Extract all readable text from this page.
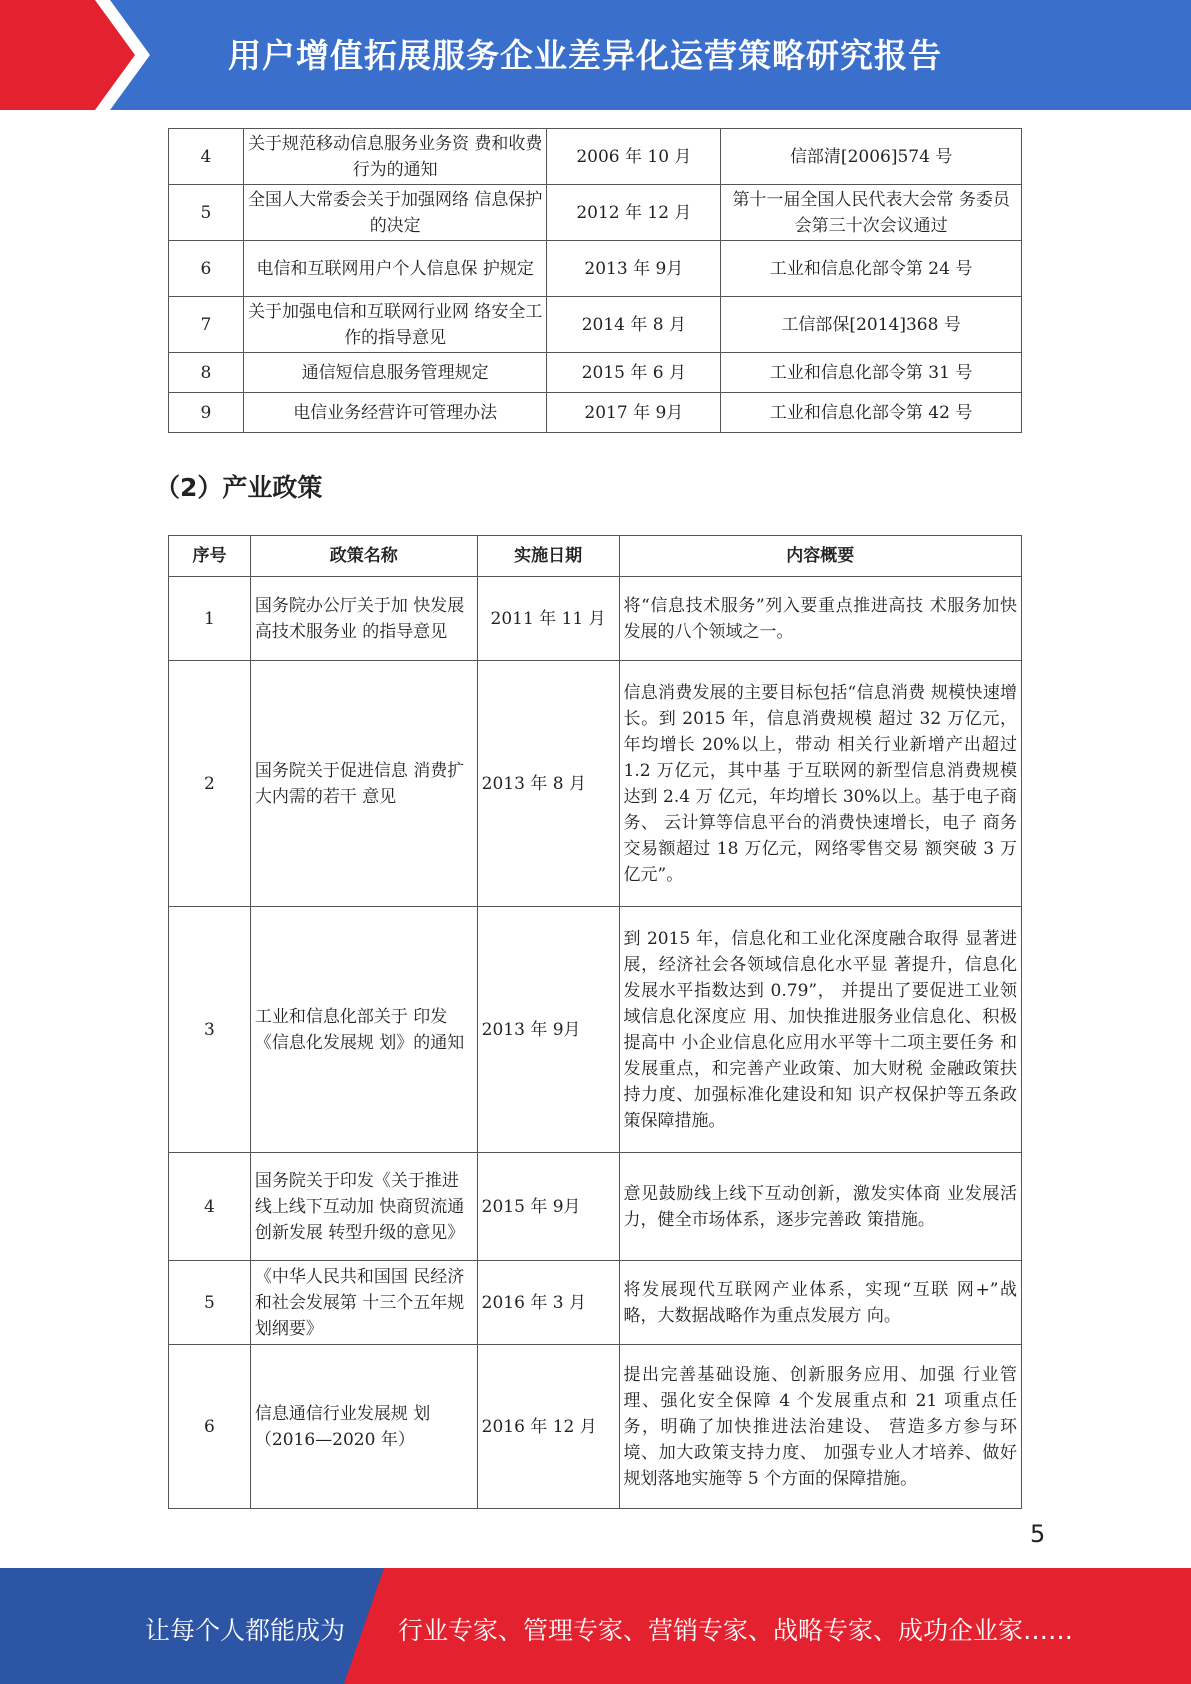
用户增值拓展服务企业差异化运营策略研究报告
4	关于规范移动信息服务业务资 费和收费行为的通知	2006 年 10 月	信部清[2006]574 号
5	全国人大常委会关于加强网络 信息保护的决定	2012 年 12 月	第十一届全国人民代表大会常 务委员会第三十次会议通过
6	电信和互联网用户个人信息保 护规定	2013 年 9月	工业和信息化部令第 24 号
7	关于加强电信和互联网行业网 络安全工作的指导意见	2014 年 8 月	工信部保[2014]368 号
8	通信短信息服务管理规定	2015 年 6 月	工业和信息化部令第 31 号
9	电信业务经营许可管理办法	2017 年 9月	工业和信息化部令第 42 号
（2）产业政策
序号	政策名称	实施日期	内容概要
1	国务院办公厅关于加 快发展高技术服务业 的指导意见	2011 年 11 月	将“信息技术服务”列入要重点推进高技 术服务加快发展的八个领域之一。
2	国务院关于促进信息 消费扩大内需的若干 意见	2013 年 8 月	信息消费发展的主要目标包括“信息消费 规模快速增长。到 2015 年，信息消费规模 超过 32 万亿元，年均增长 20%以上，带动 相关行业新增产出超过 1.2 万亿元，其中基 于互联网的新型信息消费规模达到 2.4 万 亿元，年均增长 30%以上。基于电子商务、 云计算等信息平台的消费快速增长，电子 商务交易额超过 18 万亿元，网络零售交易 额突破 3 万亿元”。
3	工业和信息化部关于 印发《信息化发展规 划》的通知	2013 年 9月	到 2015 年，信息化和工业化深度融合取得 显著进展，经济社会各领域信息化水平显 著提升，信息化发展水平指数达到 0.79”， 并提出了要促进工业领域信息化深度应 用、加快推进服务业信息化、积极提高中 小企业信息化应用水平等十二项主要任务 和发展重点，和完善产业政策、加大财税 金融政策扶持力度、加强标准化建设和知 识产权保护等五条政策保障措施。
4	国务院关于印发《关于推进线上线下互动加 快商贸流通创新发展 转型升级的意见》	2015 年 9月	意见鼓励线上线下互动创新，激发实体商 业发展活力，健全市场体系，逐步完善政 策措施。
5	《中华人民共和国国 民经济和社会发展第 十三个五年规划纲要》	2016 年 3 月	将发展现代互联网产业体系，实现“互联 网+”战略，大数据战略作为重点发展方 向。
6	信息通信行业发展规 划（2016—2020 年）	2016 年 12 月	提出完善基础设施、创新服务应用、加强 行业管理、强化安全保障 4 个发展重点和 21 项重点任务，明确了加快推进法治建设、 营造多方参与环境、加大政策支持力度、 加强专业人才培养、做好规划落地实施等 5 个方面的保障措施。
5
让每个人都能成为 行业专家、管理专家、营销专家、战略专家、成功企业家……
